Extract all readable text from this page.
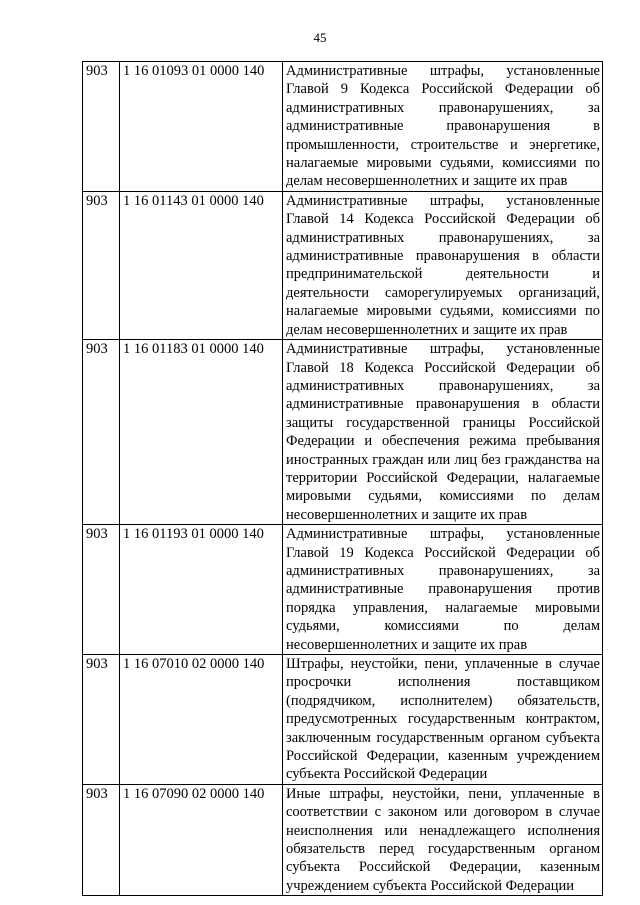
45
903	1 16 01093 01 0000 140	Административные штрафы, установленные Главой 9 Кодекса Российской Федерации об административных правонарушениях, за административные правонарушения в промышленности, строительстве и энергетике, налагаемые мировыми судьями, комиссиями по делам несовершеннолетних и защите их прав
903	1 16 01143 01 0000 140	Административные штрафы, установленные Главой 14 Кодекса Российской Федерации об административных правонарушениях, за административные правонарушения в области предпринимательской деятельности и деятельности саморегулируемых организаций, налагаемые мировыми судьями, комиссиями по делам несовершеннолетних и защите их прав
903	1 16 01183 01 0000 140	Административные штрафы, установленные Главой 18 Кодекса Российской Федерации об административных правонарушениях, за административные правонарушения в области защиты государственной границы Российской Федерации и обеспечения режима пребывания иностранных граждан или лиц без гражданства на территории Российской Федерации, налагаемые мировыми судьями, комиссиями по делам несовершеннолетних и защите их прав
903	1 16 01193 01 0000 140	Административные штрафы, установленные Главой 19 Кодекса Российской Федерации об административных правонарушениях, за административные правонарушения против порядка управления, налагаемые мировыми судьями, комиссиями по делам несовершеннолетних и защите их прав
903	1 16 07010 02 0000 140	Штрафы, неустойки, пени, уплаченные в случае просрочки исполнения поставщиком (подрядчиком, исполнителем) обязательств, предусмотренных государственным контрактом, заключенным государственным органом субъекта Российской Федерации, казенным учреждением субъекта Российской Федерации
903	1 16 07090 02 0000 140	Иные штрафы, неустойки, пени, уплаченные в соответствии с законом или договором в случае неисполнения или ненадлежащего исполнения обязательств перед государственным органом субъекта Российской Федерации, казенным учреждением субъекта Российской Федерации
